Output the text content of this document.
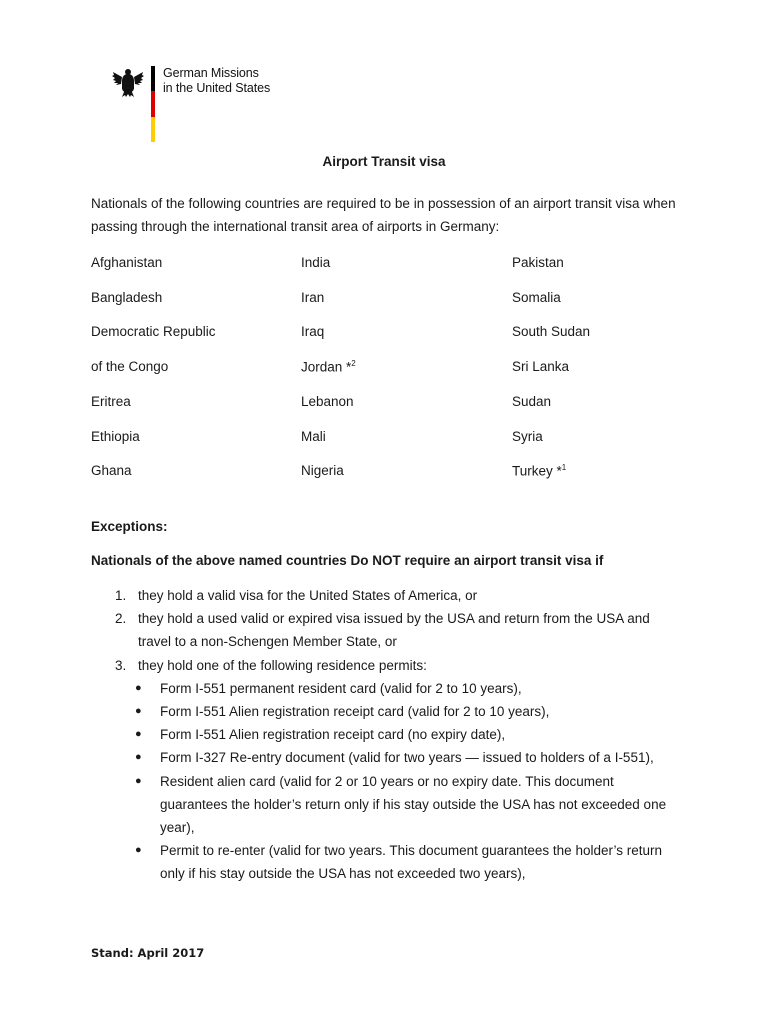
German Missions
in the United States
Airport Transit visa
Nationals of the following countries are required to be in possession of an airport transit visa when passing through the international transit area of airports in Germany:
Afghanistan
Bangladesh
Democratic Republic
of the Congo
Eritrea
Ethiopia
Ghana
India
Iran
Iraq
Jordan *$^2$
Lebanon
Mali
Nigeria
Pakistan
Somalia
South Sudan
Sri Lanka
Sudan
Syria
Turkey *$^1$
Exceptions:
Nationals of the above named countries Do NOT require an airport transit visa if
1. they hold a valid visa for the United States of America, or
2. they hold a used valid or expired visa issued by the USA and return from the USA and travel to a non-Schengen Member State, or
3. they hold one of the following residence permits:
● Form I-551 permanent resident card (valid for 2 to 10 years),
● Form I-551 Alien registration receipt card (valid for 2 to 10 years),
● Form I-551 Alien registration receipt card (no expiry date),
● Form I-327 Re-entry document (valid for two years — issued to holders of a I-551),
● Resident alien card (valid for 2 or 10 years or no expiry date. This document guarantees the holder’s return only if his stay outside the USA has not exceeded one year),
● Permit to re-enter (valid for two years. This document guarantees the holder’s return only if his stay outside the USA has not exceeded two years),
Stand: April 2017
